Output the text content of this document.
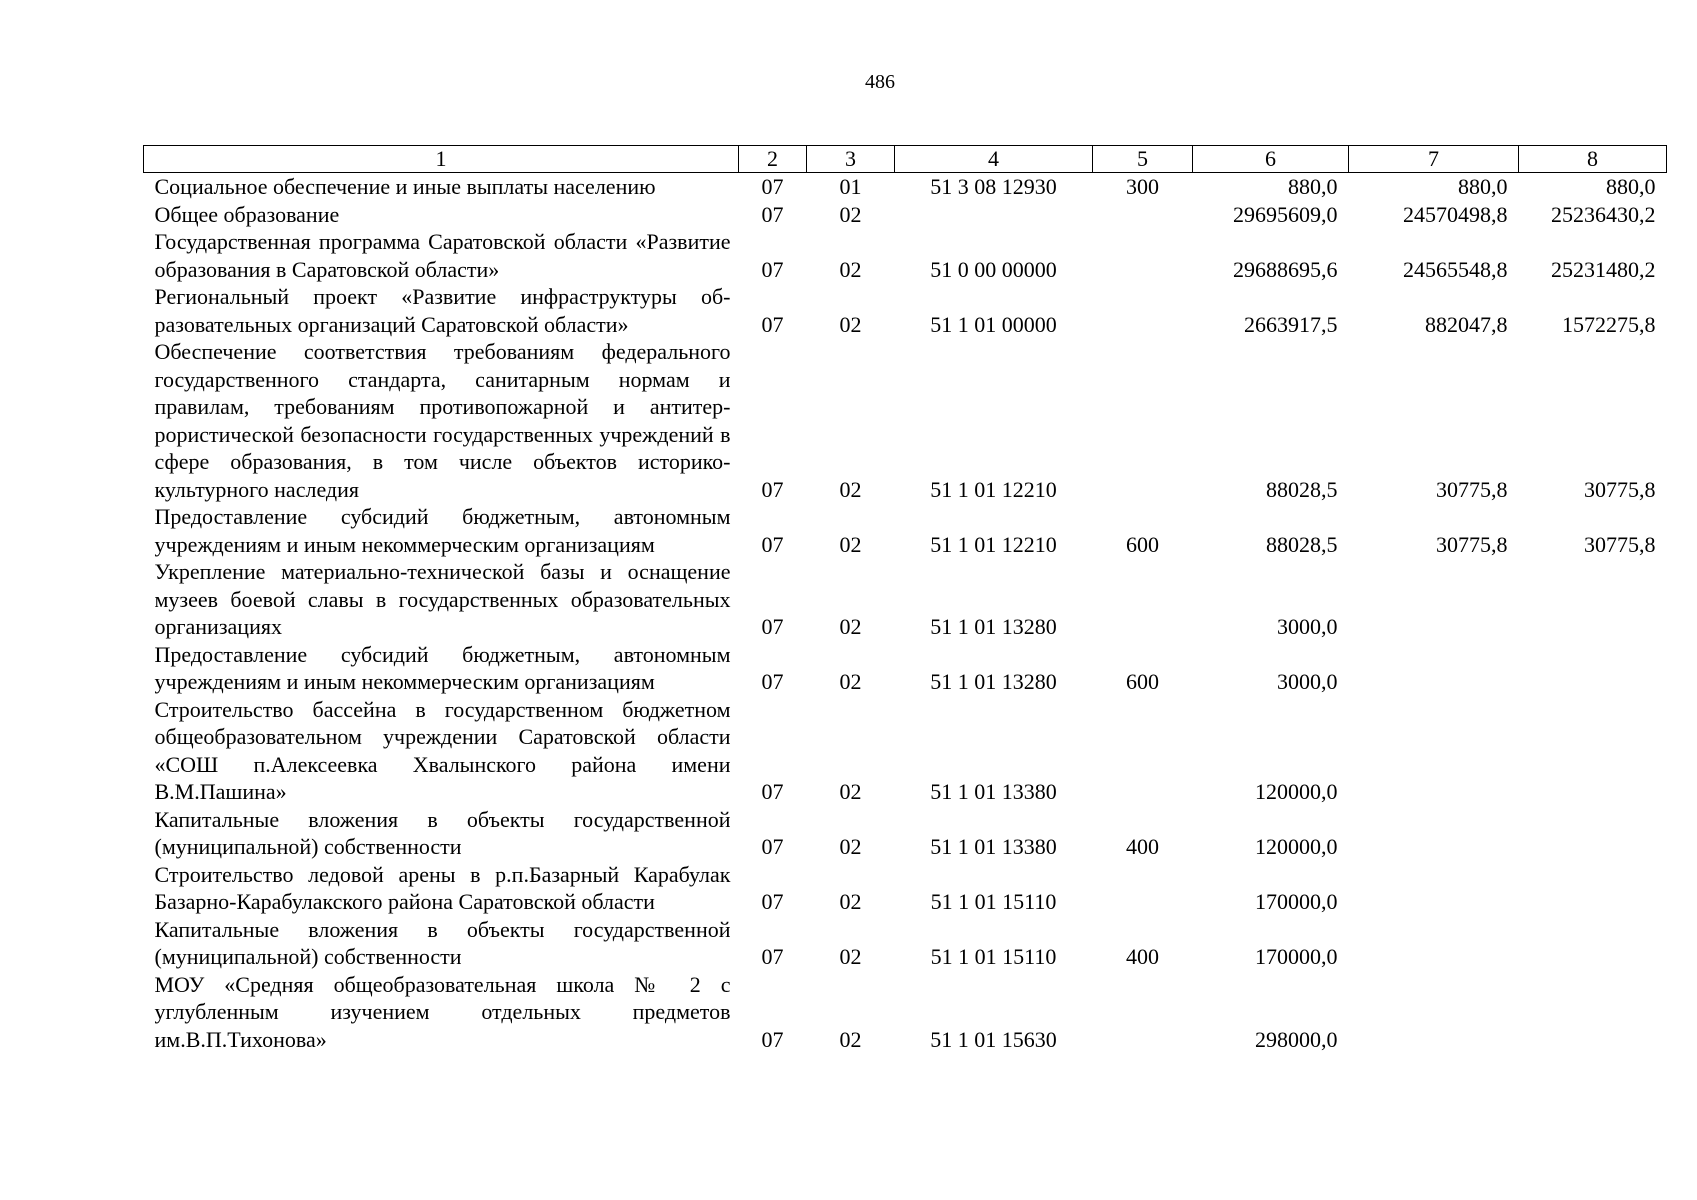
486
1	2	3	4	5	6	7	8
Социальное обеспечение и иные выплаты населению	07	01	51 3 08 12930	300	880,0	880,0	880,0
Общее образование	07	02			29695609,0	24570498,8	25236430,2
Государственная программа Саратовской области «Развитие образования в Саратовской области»	07	02	51 0 00 00000		29688695,6	24565548,8	25231480,2
Региональный проект «Развитие инфраструктуры образовательных организаций Саратовской области»	07	02	51 1 01 00000		2663917,5	882047,8	1572275,8
Обеспечение соответствия требованиям федерального государственного стандарта, санитарным нормам и правилам, требованиям противопожарной и антитеррористической безопасности государственных учреждений в сфере образования, в том числе объектов историко-культурного наследия	07	02	51 1 01 12210		88028,5	30775,8	30775,8
Предоставление субсидий бюджетным, автономным учреждениям и иным некоммерческим организациям	07	02	51 1 01 12210	600	88028,5	30775,8	30775,8
Укрепление материально-технической базы и оснащение музеев боевой славы в государственных образовательных организациях	07	02	51 1 01 13280		3000,0		
Предоставление субсидий бюджетным, автономным учреждениям и иным некоммерческим организациям	07	02	51 1 01 13280	600	3000,0		
Строительство бассейна в государственном бюджетном общеобразовательном учреждении Саратовской области «СОШ п.Алексеевка Хвалынского района имени В.М.Пашина»	07	02	51 1 01 13380		120000,0		
Капитальные вложения в объекты государственной (муниципальной) собственности	07	02	51 1 01 13380	400	120000,0		
Строительство ледовой арены в р.п.Базарный Карабулак Базарно-Карабулакского района Саратовской области	07	02	51 1 01 15110		170000,0		
Капитальные вложения в объекты государственной (муниципальной) собственности	07	02	51 1 01 15110	400	170000,0		
МОУ «Средняя общеобразовательная школа № 2 с углубленным изучением отдельных предметов им.В.П.Тихонова»	07	02	51 1 01 15630		298000,0		
